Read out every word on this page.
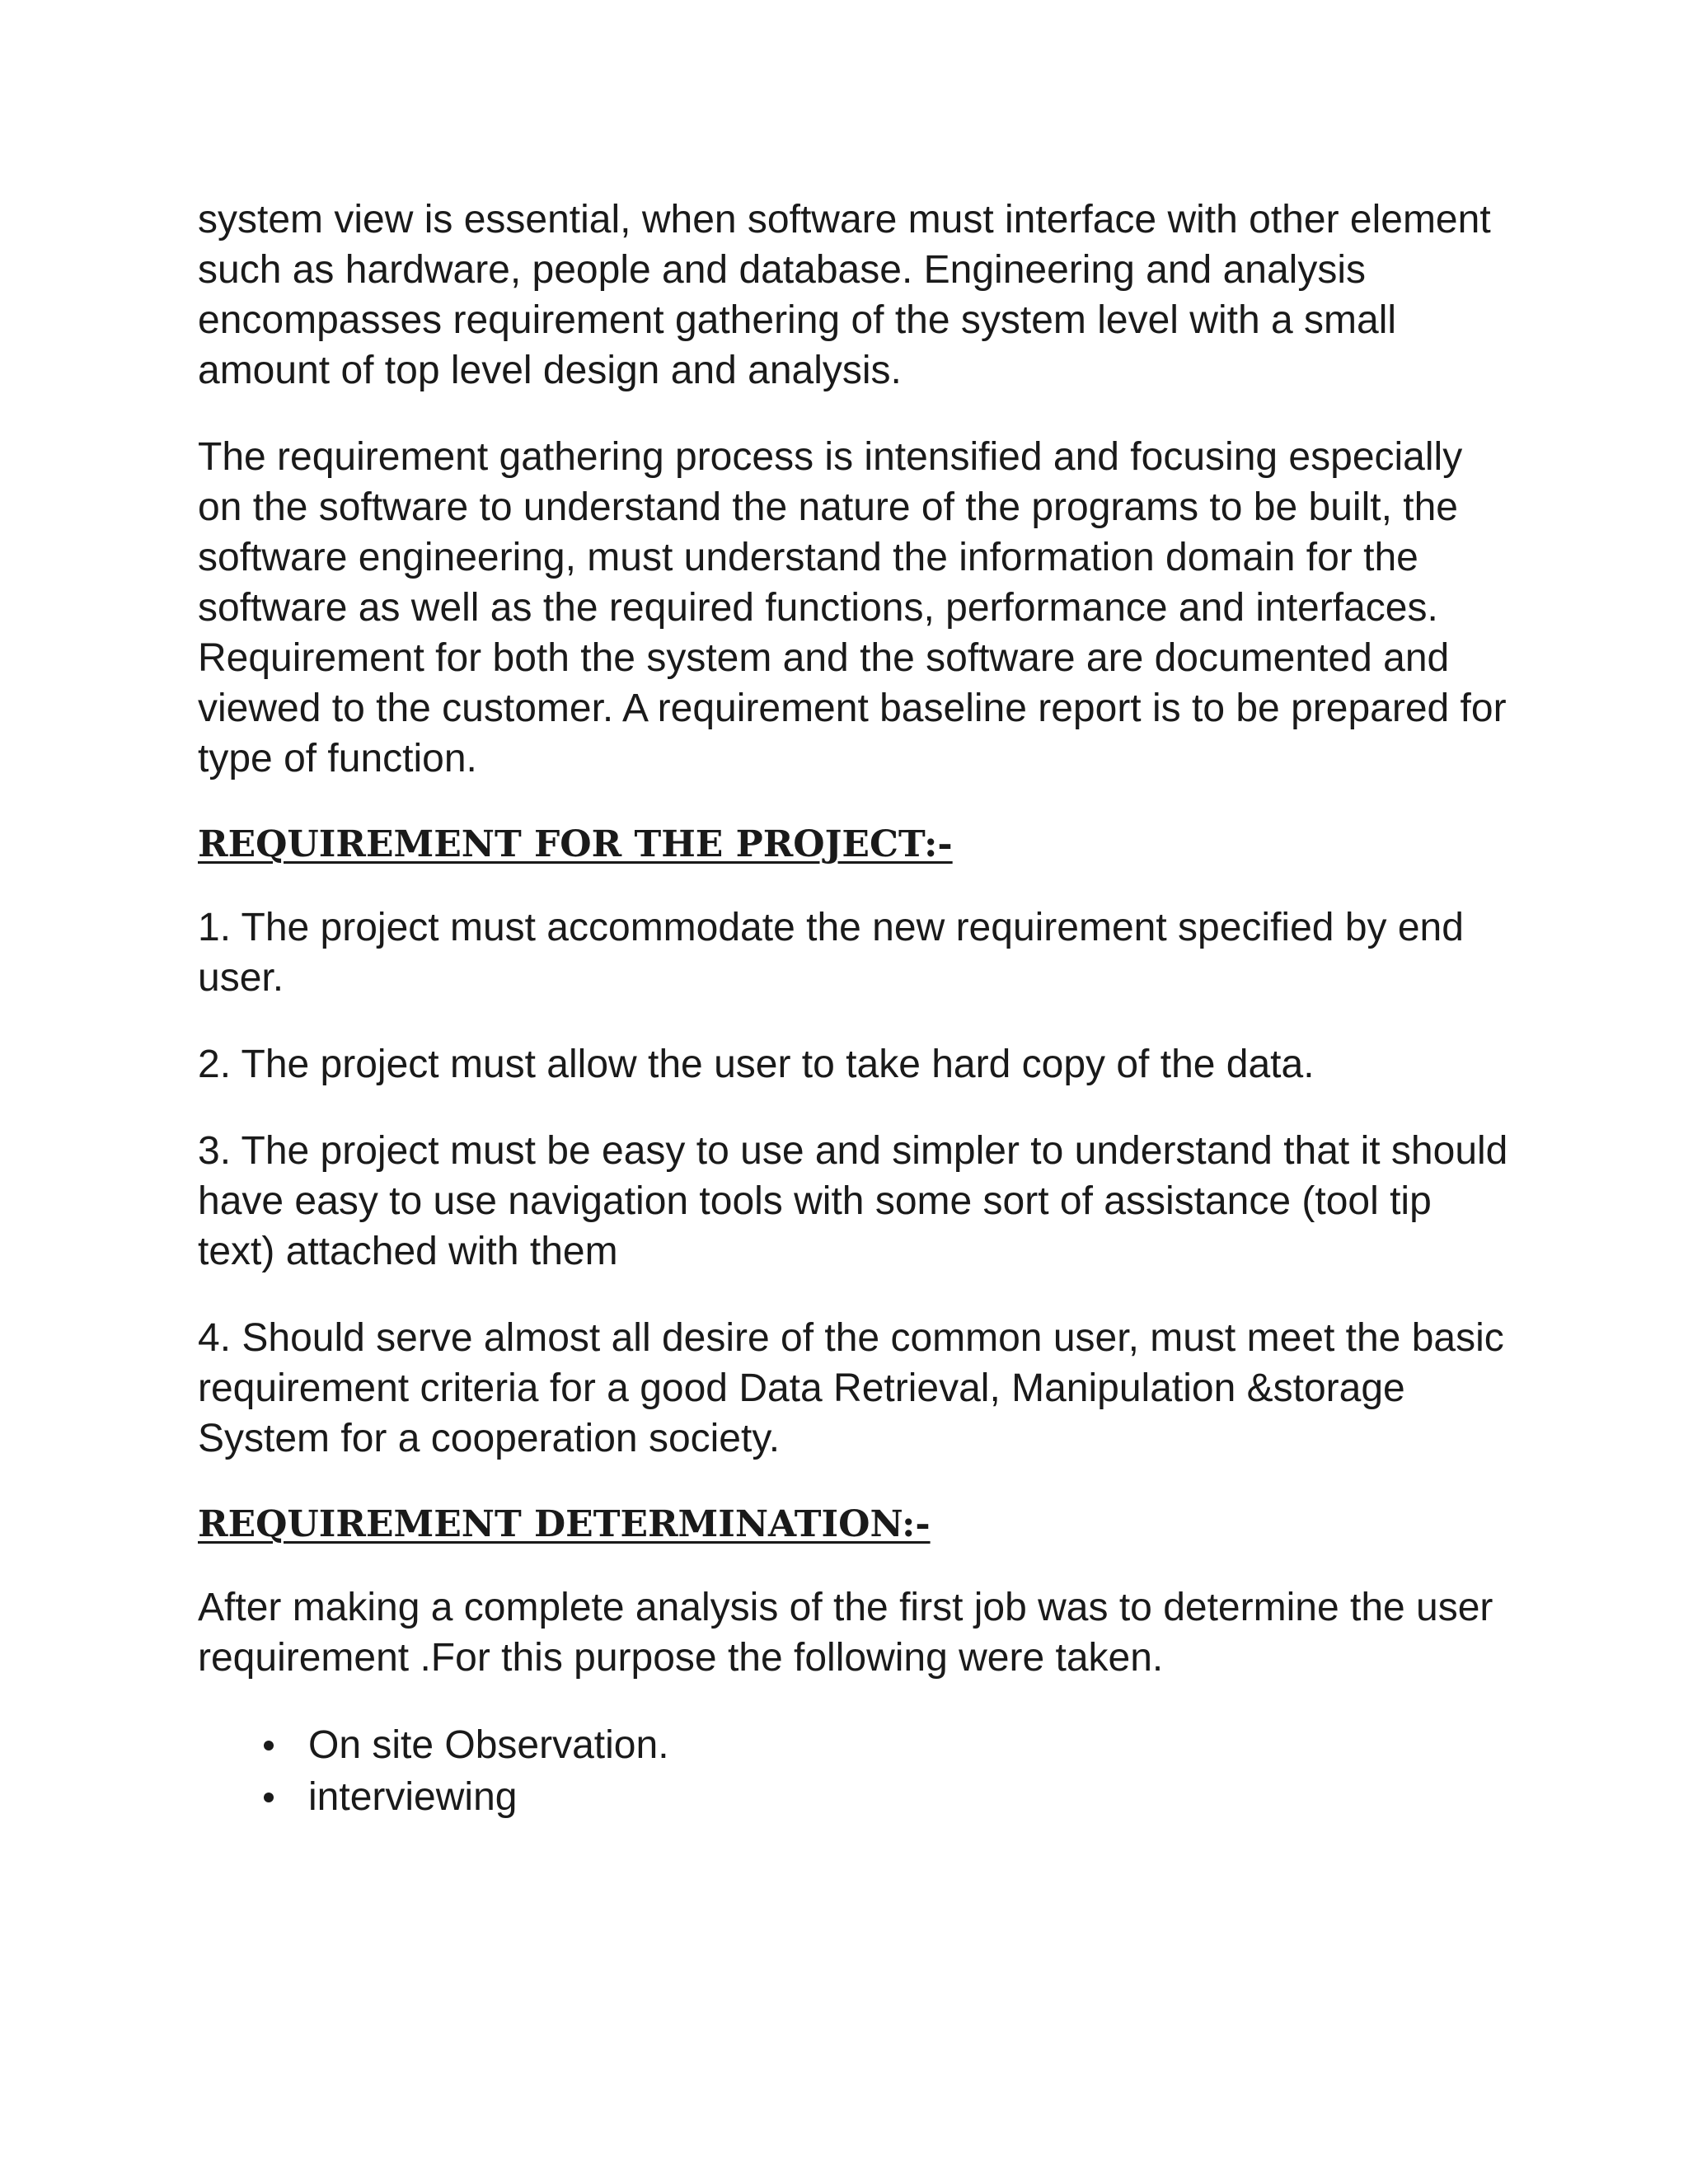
system view is essential, when software must interface with other element such as hardware, people and database. Engineering and analysis encompasses requirement gathering of the system level with a small amount of top level design and analysis.

The requirement gathering process is intensified and focusing especially on the software to understand the nature of the programs to be built, the software engineering, must understand the information domain for the software as well as the required functions, performance and interfaces. Requirement for both the system and the software are documented and viewed to the customer. A requirement baseline report is to be prepared for type of function.

REQUIREMENT FOR THE PROJECT:-

1. The project must accommodate the new requirement specified by end user.

2. The project must allow the user to take hard copy of the data.

3. The project must be easy to use and simpler to understand that it should have easy to use navigation tools with some sort of assistance (tool tip text) attached with them

4. Should serve almost all desire of the common user, must meet the basic requirement criteria for a good Data Retrieval, Manipulation &storage System for a cooperation society.

REQUIREMENT DETERMINATION:-

After making a complete analysis of the first job was to determine the user requirement .For this purpose the following were taken.

On site Observation.
interviewing
